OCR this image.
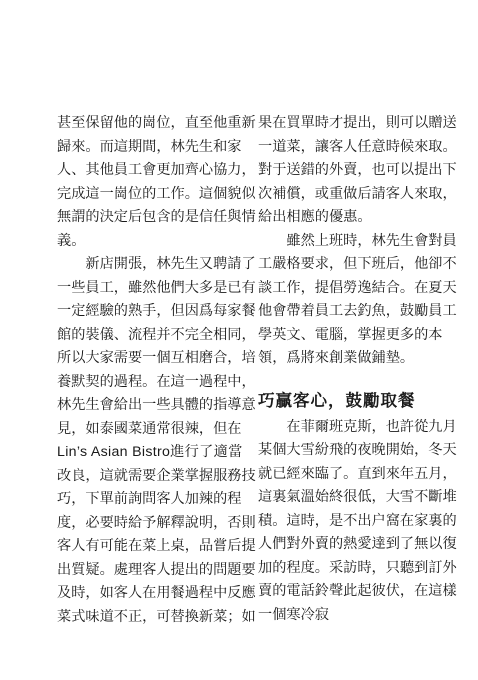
甚至保留他的崗位，直至他重新
歸來。而這期間，林先生和家
人、其他員工會更加齊心協力，
完成這一崗位的工作。這個貌似
無謂的決定后包含的是信任與情
義。
　　新店開張，林先生又聘請了
一些員工，雖然他們大多是已有
一定經驗的熟手，但因爲每家餐
館的裝儀、流程并不完全相同，
所以大家需要一個互相磨合，培
養默契的過程。在這一過程中，
林先生會給出一些具體的指導意
見，如泰國菜通常很辣，但在
Lin’s Asian Bistro進行了適當
改良，這就需要企業掌握服務技
巧，下單前詢問客人加辣的程
度，必要時給予解釋說明，否則
客人有可能在菜上桌，品嘗后提
出質疑。處理客人提出的問題要
及時，如客人在用餐過程中反應
菜式味道不正，可替換新菜；如
果在買單時才提出，則可以贈送
一道菜，讓客人任意時候來取。
對于送錯的外賣，也可以提出下
次補償，或重做后請客人來取，
給出相應的優惠。
　　雖然上班時，林先生會對員
工嚴格要求，但下班后，他卻不
談工作，提倡勞逸結合。在夏天
他會帶着員工去釣魚，鼓勵員工
學英文、電腦，掌握更多的本
領，爲將來創業做鋪墊。
巧贏客心，鼓勵取餐
　　在菲爾班克斯，也許從九月
某個大雪紛飛的夜晚開始，冬天
就已經來臨了。直到來年五月，
這裏氣溫始終很低，大雪不斷堆
積。這時，是不出户窩在家裏的
人們對外賣的熱愛達到了無以復
加的程度。采訪時，只聽到訂外
賣的電話鈴聲此起彼伏，在這樣
一個寒冷寂
